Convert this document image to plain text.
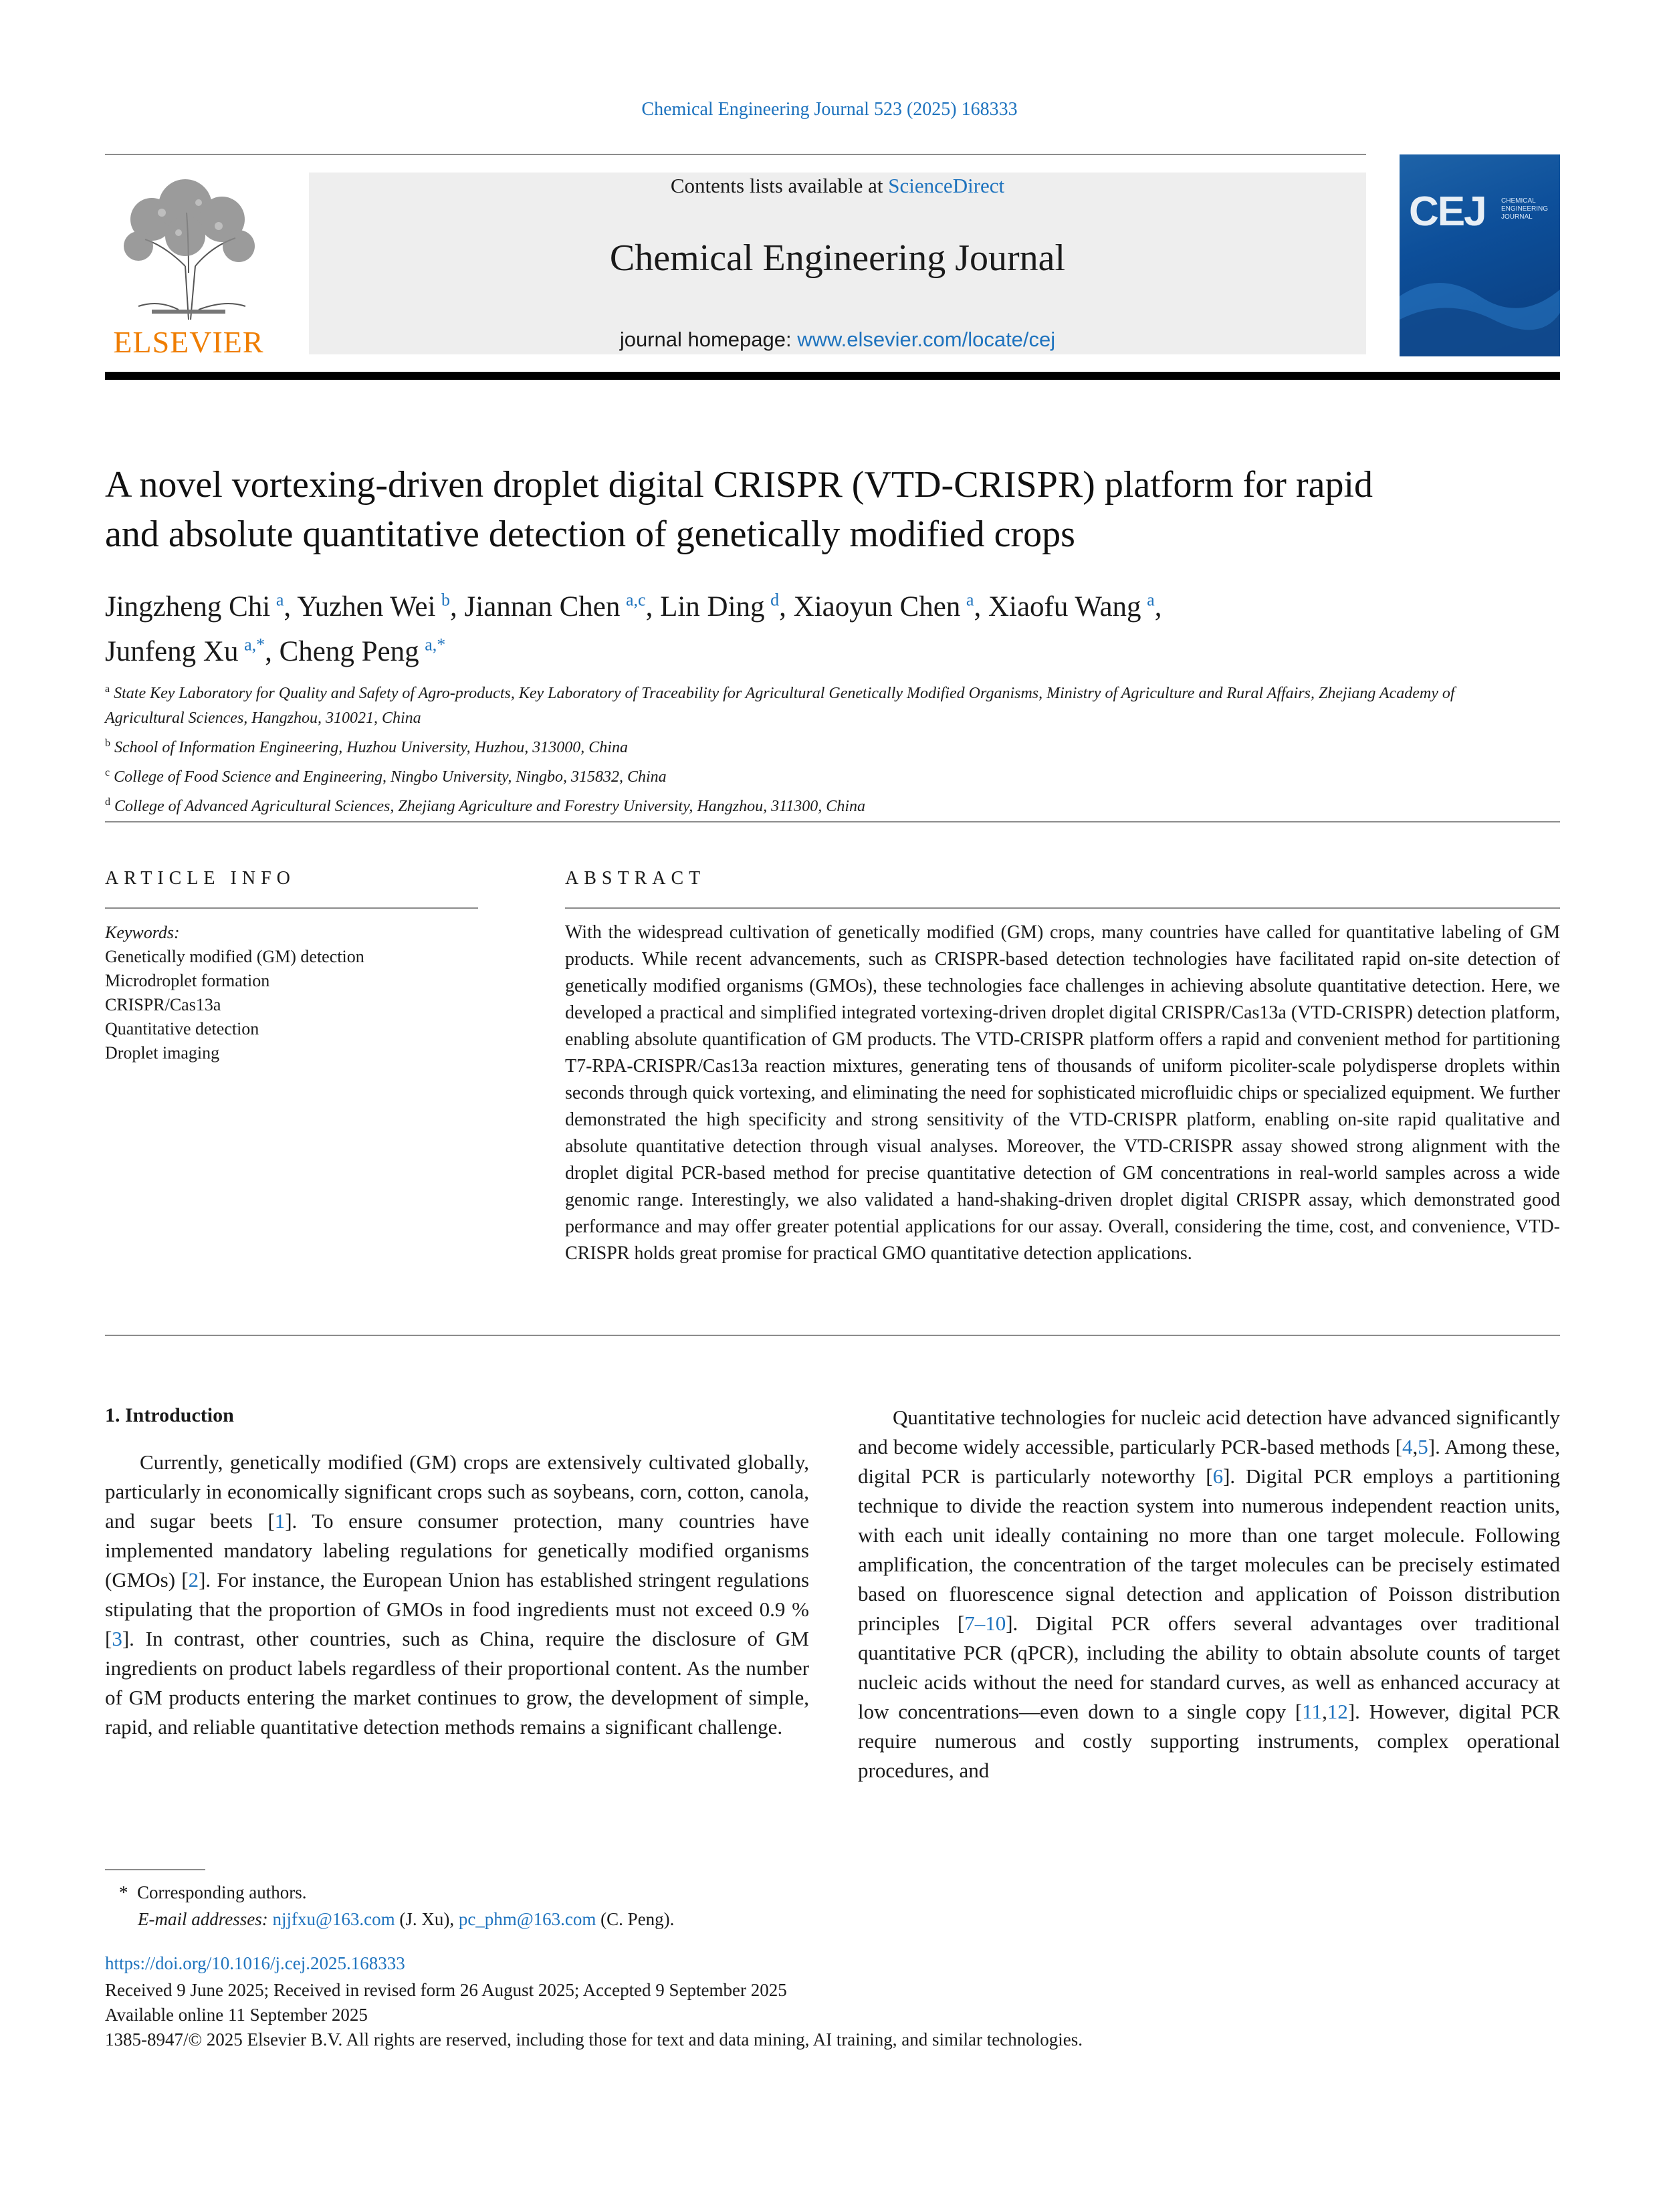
Chemical Engineering Journal 523 (2025) 168333
ELSEVIER
Contents lists available at ScienceDirect
Chemical Engineering Journal
journal homepage: www.elsevier.com/locate/cej
CEJ CHEMICAL ENGINEERING JOURNAL
A novel vortexing-driven droplet digital CRISPR (VTD-CRISPR) platform for rapid and absolute quantitative detection of genetically modified crops
Jingzheng Chi  $^a$, Yuzhen Wei  $^b$, Jiannan Chen  $^{a,c}$, Lin Ding  $^d$, Xiaoyun Chen  $^a$, Xiaofu Wang  $^a$,
Junfeng Xu  $^{a,*}$, Cheng Peng  $^{a,*}$
$^a$ State Key Laboratory for Quality and Safety of Agro-products, Key Laboratory of Traceability for Agricultural Genetically Modified Organisms, Ministry of Agriculture and Rural Affairs, Zhejiang Academy of Agricultural Sciences, Hangzhou, 310021, China
$^b$ School of Information Engineering, Huzhou University, Huzhou, 313000, China
$^c$ College of Food Science and Engineering, Ningbo University, Ningbo, 315832, China
$^d$ College of Advanced Agricultural Sciences, Zhejiang Agriculture and Forestry University, Hangzhou, 311300, China
ARTICLE INFO	ABSTRACT
Keywords:
Genetically modified (GM) detection
Microdroplet formation
CRISPR/Cas13a
Quantitative detection
Droplet imaging
With the widespread cultivation of genetically modified (GM) crops, many countries have called for quantitative labeling of GM products. While recent advancements, such as CRISPR-based detection technologies have facilitated rapid on-site detection of genetically modified organisms (GMOs), these technologies face challenges in achieving absolute quantitative detection. Here, we developed a practical and simplified integrated vortexing-driven droplet digital CRISPR/Cas13a (VTD-CRISPR) detection platform, enabling absolute quantification of GM products. The VTD-CRISPR platform offers a rapid and convenient method for partitioning T7-RPA-CRISPR/Cas13a reaction mixtures, generating tens of thousands of uniform picoliter-scale polydisperse droplets within seconds through quick vortexing, and eliminating the need for sophisticated microfluidic chips or specialized equipment. We further demonstrated the high specificity and strong sensitivity of the VTD-CRISPR platform, enabling on-site rapid qualitative and absolute quantitative detection through visual analyses. Moreover, the VTD-CRISPR assay showed strong alignment with the droplet digital PCR-based method for precise quantitative detection of GM concentrations in real-world samples across a wide genomic range. Interestingly, we also validated a hand-shaking-driven droplet digital CRISPR assay, which demonstrated good performance and may offer greater potential applications for our assay. Overall, considering the time, cost, and convenience, VTD-CRISPR holds great promise for practical GMO quantitative detection applications.
1. Introduction
Currently, genetically modified (GM) crops are extensively cultivated globally, particularly in economically significant crops such as soybeans, corn, cotton, canola, and sugar beets [1]. To ensure consumer protection, many countries have implemented mandatory labeling regulations for genetically modified organisms (GMOs) [2]. For instance, the European Union has established stringent regulations stipulating that the proportion of GMOs in food ingredients must not exceed 0.9 % [3]. In contrast, other countries, such as China, require the disclosure of GM ingredients on product labels regardless of their proportional content. As the number of GM products entering the market continues to grow, the development of simple, rapid, and reliable quantitative detection methods remains a significant challenge.
Quantitative technologies for nucleic acid detection have advanced significantly and become widely accessible, particularly PCR-based methods [4,5]. Among these, digital PCR is particularly noteworthy [6]. Digital PCR employs a partitioning technique to divide the reaction system into numerous independent reaction units, with each unit ideally containing no more than one target molecule. Following amplification, the concentration of the target molecules can be precisely estimated based on fluorescence signal detection and application of Poisson distribution principles [7–10]. Digital PCR offers several advantages over traditional quantitative PCR (qPCR), including the ability to obtain absolute counts of target nucleic acids without the need for standard curves, as well as enhanced accuracy at low concentrations—even down to a single copy [11,12]. However, digital PCR require numerous and costly supporting instruments, complex operational procedures, and
* Corresponding authors.
E-mail addresses: njjfxu@163.com (J. Xu), pc_phm@163.com (C. Peng).
https://doi.org/10.1016/j.cej.2025.168333
Received 9 June 2025; Received in revised form 26 August 2025; Accepted 9 September 2025
Available online 11 September 2025
1385-8947/© 2025 Elsevier B.V. All rights are reserved, including those for text and data mining, AI training, and similar technologies.
